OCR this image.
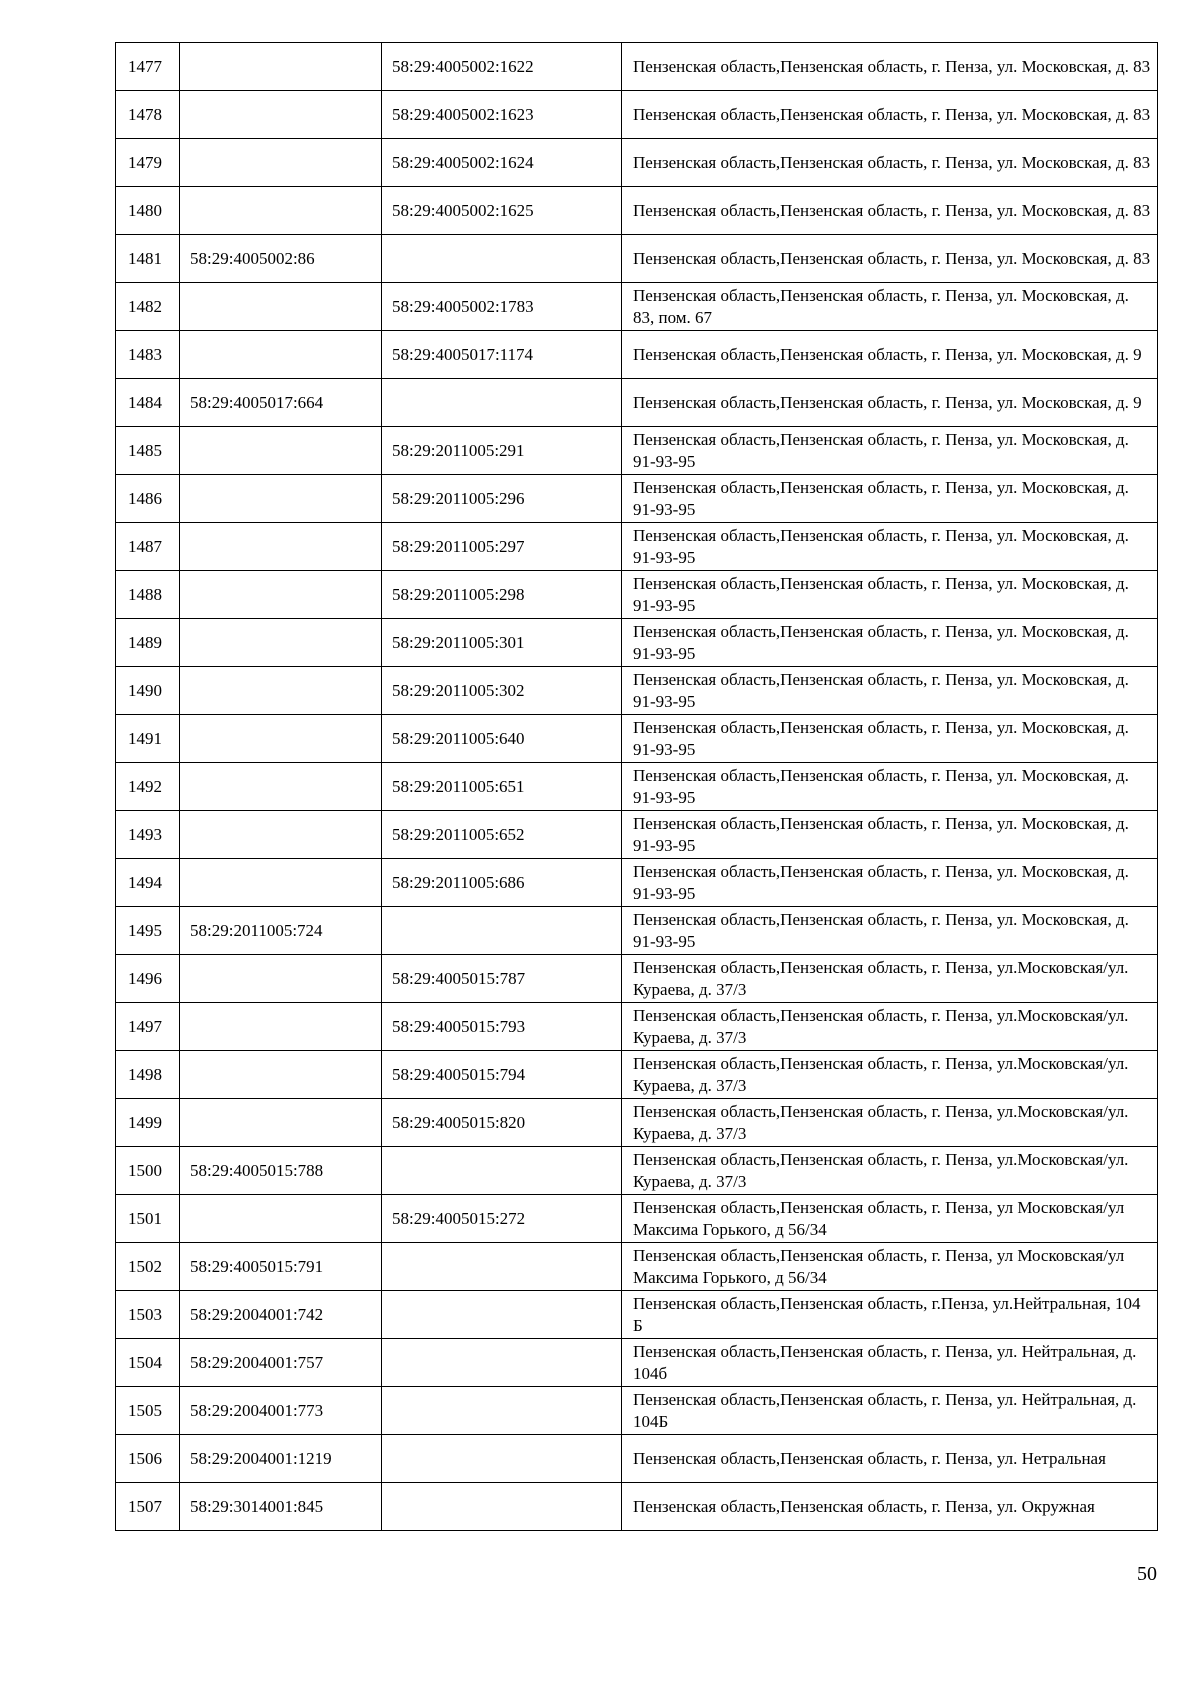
1477		58:29:4005002:1622	Пензенская область,Пензенская область, г. Пенза, ул. Московская, д. 83
1478		58:29:4005002:1623	Пензенская область,Пензенская область, г. Пенза, ул. Московская, д. 83
1479		58:29:4005002:1624	Пензенская область,Пензенская область, г. Пенза, ул. Московская, д. 83
1480		58:29:4005002:1625	Пензенская область,Пензенская область, г. Пенза, ул. Московская, д. 83
1481	58:29:4005002:86		Пензенская область,Пензенская область, г. Пенза, ул. Московская, д. 83
1482		58:29:4005002:1783	Пензенская область,Пензенская область, г. Пенза, ул. Московская, д. 83, пом. 67
1483		58:29:4005017:1174	Пензенская область,Пензенская область, г. Пенза, ул. Московская, д. 9
1484	58:29:4005017:664		Пензенская область,Пензенская область, г. Пенза, ул. Московская, д. 9
1485		58:29:2011005:291	Пензенская область,Пензенская область, г. Пенза, ул. Московская, д. 91-93-95
1486		58:29:2011005:296	Пензенская область,Пензенская область, г. Пенза, ул. Московская, д. 91-93-95
1487		58:29:2011005:297	Пензенская область,Пензенская область, г. Пенза, ул. Московская, д. 91-93-95
1488		58:29:2011005:298	Пензенская область,Пензенская область, г. Пенза, ул. Московская, д. 91-93-95
1489		58:29:2011005:301	Пензенская область,Пензенская область, г. Пенза, ул. Московская, д. 91-93-95
1490		58:29:2011005:302	Пензенская область,Пензенская область, г. Пенза, ул. Московская, д. 91-93-95
1491		58:29:2011005:640	Пензенская область,Пензенская область, г. Пенза, ул. Московская, д. 91-93-95
1492		58:29:2011005:651	Пензенская область,Пензенская область, г. Пенза, ул. Московская, д. 91-93-95
1493		58:29:2011005:652	Пензенская область,Пензенская область, г. Пенза, ул. Московская, д. 91-93-95
1494		58:29:2011005:686	Пензенская область,Пензенская область, г. Пенза, ул. Московская, д. 91-93-95
1495	58:29:2011005:724		Пензенская область,Пензенская область, г. Пенза, ул. Московская, д. 91-93-95
1496		58:29:4005015:787	Пензенская область,Пензенская область, г. Пенза, ул.Московская/ул. Кураева, д. 37/3
1497		58:29:4005015:793	Пензенская область,Пензенская область, г. Пенза, ул.Московская/ул. Кураева, д. 37/3
1498		58:29:4005015:794	Пензенская область,Пензенская область, г. Пенза, ул.Московская/ул. Кураева, д. 37/3
1499		58:29:4005015:820	Пензенская область,Пензенская область, г. Пенза, ул.Московская/ул. Кураева, д. 37/3
1500	58:29:4005015:788		Пензенская область,Пензенская область, г. Пенза, ул.Московская/ул. Кураева, д. 37/3
1501		58:29:4005015:272	Пензенская область,Пензенская область, г. Пенза, ул Московская/ул Максима Горького, д 56/34
1502	58:29:4005015:791		Пензенская область,Пензенская область, г. Пенза, ул Московская/ул Максима Горького, д 56/34
1503	58:29:2004001:742		Пензенская область,Пензенская область, г.Пенза, ул.Нейтральная, 104 Б
1504	58:29:2004001:757		Пензенская область,Пензенская область, г. Пенза, ул. Нейтральная, д. 104б
1505	58:29:2004001:773		Пензенская область,Пензенская область, г. Пенза, ул. Нейтральная, д. 104Б
1506	58:29:2004001:1219		Пензенская область,Пензенская область, г. Пенза, ул. Нетральная
1507	58:29:3014001:845		Пензенская область,Пензенская область, г. Пенза, ул. Окружная
50
